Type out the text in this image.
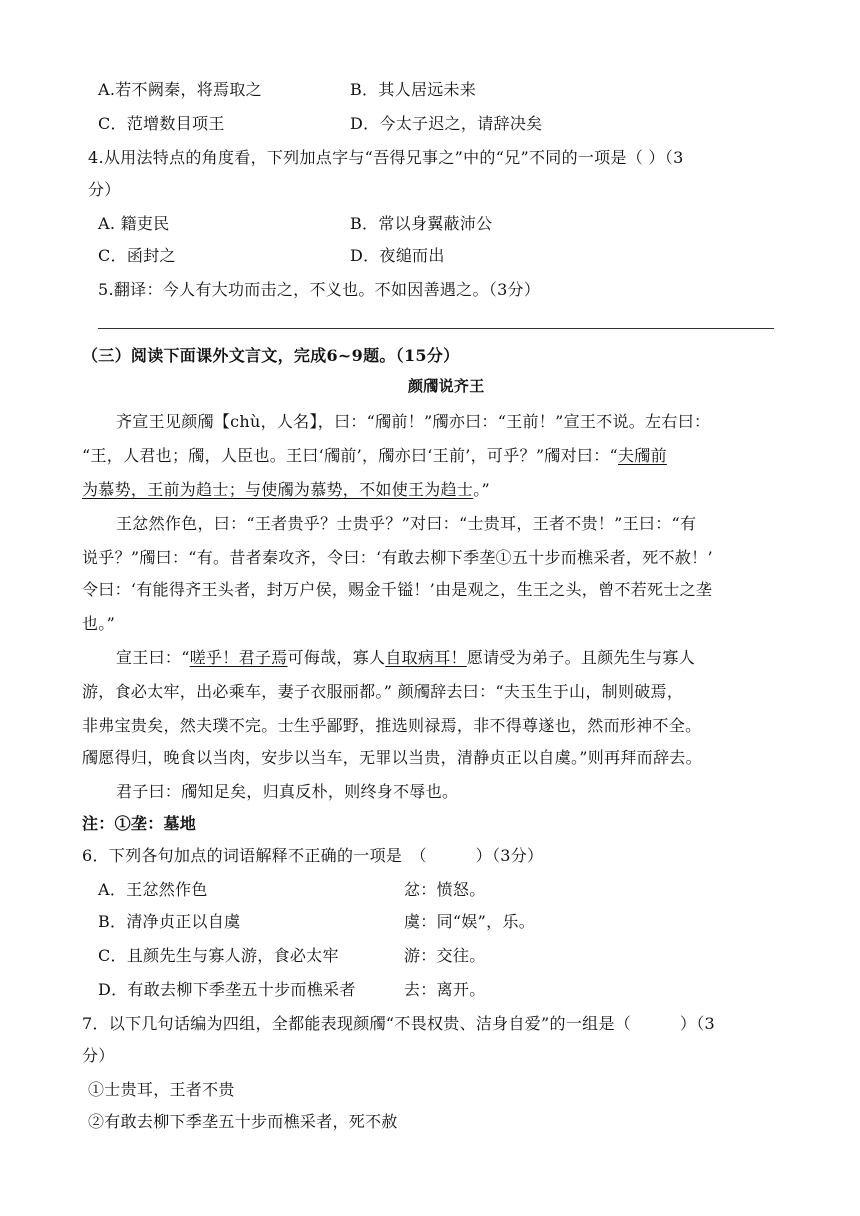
A.若不阙秦，将焉取之	B．其人居远未来
C．范增数目项王	D．今太子迟之，请辞决矣
4.从用法特点的角度看，下列加点字与“吾得兄事之”中的“兄”不同的一项是（ ）（3
分）
A. 籍吏民	B．常以身翼蔽沛公
C．函封之	D．夜缒而出
5.翻译：今人有大功而击之，不义也。不如因善遇之。（3分）
（三）阅读下面课外文言文，完成6~9题。（15分）
颜斶说齐王
齐宣王见颜斶【chù，人名】，曰：“斶前！”斶亦曰：“王前！”宣王不说。左右曰：
“王，人君也；斶，人臣也。王曰‘斶前’，斶亦曰‘王前’，可乎？”斶对曰：“夫斶前
为慕势，王前为趋士；与使斶为慕势，不如使王为趋士。”
王忿然作色，曰：“王者贵乎？士贵乎？”对曰：“士贵耳，王者不贵！”王曰：“有
说乎？”斶曰：“有。昔者秦攻齐，令曰：‘有敢去柳下季垄①五十步而樵采者，死不赦！’
令曰：‘有能得齐王头者，封万户侯，赐金千镒！’由是观之，生王之头，曾不若死士之垄
也。”
宣王曰：“嗟乎！君子焉可侮哉，寡人自取病耳！愿请受为弟子。且颜先生与寡人
游，食必太牢，出必乘车，妻子衣服丽都。” 颜斶辞去曰：“夫玉生于山，制则破焉，
非弗宝贵矣，然夫璞不完。士生乎鄙野，推选则禄焉，非不得尊遂也，然而形神不全。
斶愿得归，晚食以当肉，安步以当车，无罪以当贵，清静贞正以自虞。”则再拜而辞去。
君子曰：斶知足矣，归真反朴，则终身不辱也。
注：①垄：墓地
6．下列各句加点的词语解释不正确的一项是　（　　　）（3分）
A．王忿然作色	忿：愤怒。
B．清净贞正以自虞	虞：同“娱”，乐。
C．且颜先生与寡人游，食必太牢	游：交往。
D．有敢去柳下季垄五十步而樵采者	去：离开。
7．以下几句话编为四组，全都能表现颜斶“不畏权贵、洁身自爱”的一组是（　　　）（3
分）
①士贵耳，王者不贵
②有敢去柳下季垄五十步而樵采者，死不赦
